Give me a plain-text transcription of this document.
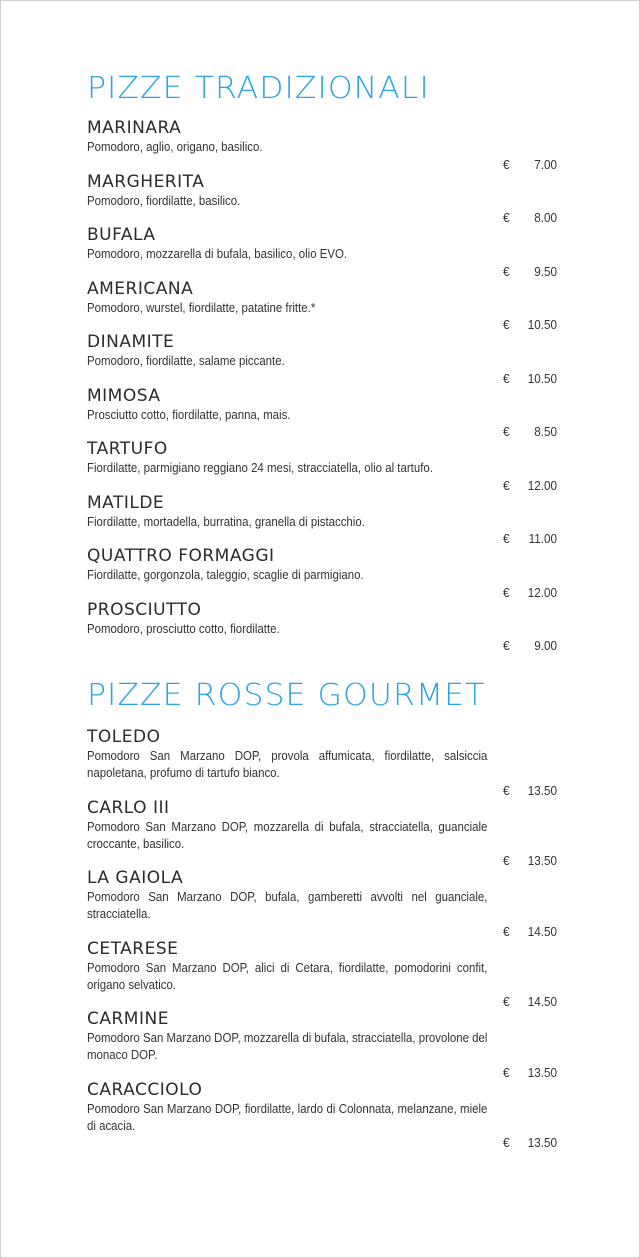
PIZZE TRADIZIONALI
MARINARA
Pomodoro, aglio, origano, basilico.
€ 7.00
MARGHERITA
Pomodoro, fiordilatte, basilico.
€ 8.00
BUFALA
Pomodoro, mozzarella di bufala, basilico, olio EVO.
€ 9.50
AMERICANA
Pomodoro, wurstel, fiordilatte, patatine fritte.*
€ 10.50
DINAMITE
Pomodoro, fiordilatte, salame piccante.
€ 10.50
MIMOSA
Prosciutto cotto, fiordilatte, panna, mais.
€ 8.50
TARTUFO
Fiordilatte, parmigiano reggiano 24 mesi, stracciatella, olio al tartufo.
€ 12.00
MATILDE
Fiordilatte, mortadella, burratina, granella di pistacchio.
€ 11.00
QUATTRO FORMAGGI
Fiordilatte, gorgonzola, taleggio, scaglie di parmigiano.
€ 12.00
PROSCIUTTO
Pomodoro, prosciutto cotto, fiordilatte.
€ 9.00
PIZZE ROSSE GOURMET
TOLEDO
Pomodoro San Marzano DOP, provola affumicata, fiordilatte, salsiccia napoletana, profumo di tartufo bianco.
€ 13.50
CARLO III
Pomodoro San Marzano DOP, mozzarella di bufala, stracciatella, guanciale croccante, basilico.
€ 13.50
LA GAIOLA
Pomodoro San Marzano DOP, bufala, gamberetti avvolti nel guanciale, stracciatella.
€ 14.50
CETARESE
Pomodoro San Marzano DOP, alici di Cetara, fiordilatte, pomodorini confit, origano selvatico.
€ 14.50
CARMINE
Pomodoro San Marzano DOP, mozzarella di bufala, stracciatella, provolone del monaco DOP.
€ 13.50
CARACCIOLO
Pomodoro San Marzano DOP, fiordilatte, lardo di Colonnata, melanzane, miele di acacia.
€ 13.50
